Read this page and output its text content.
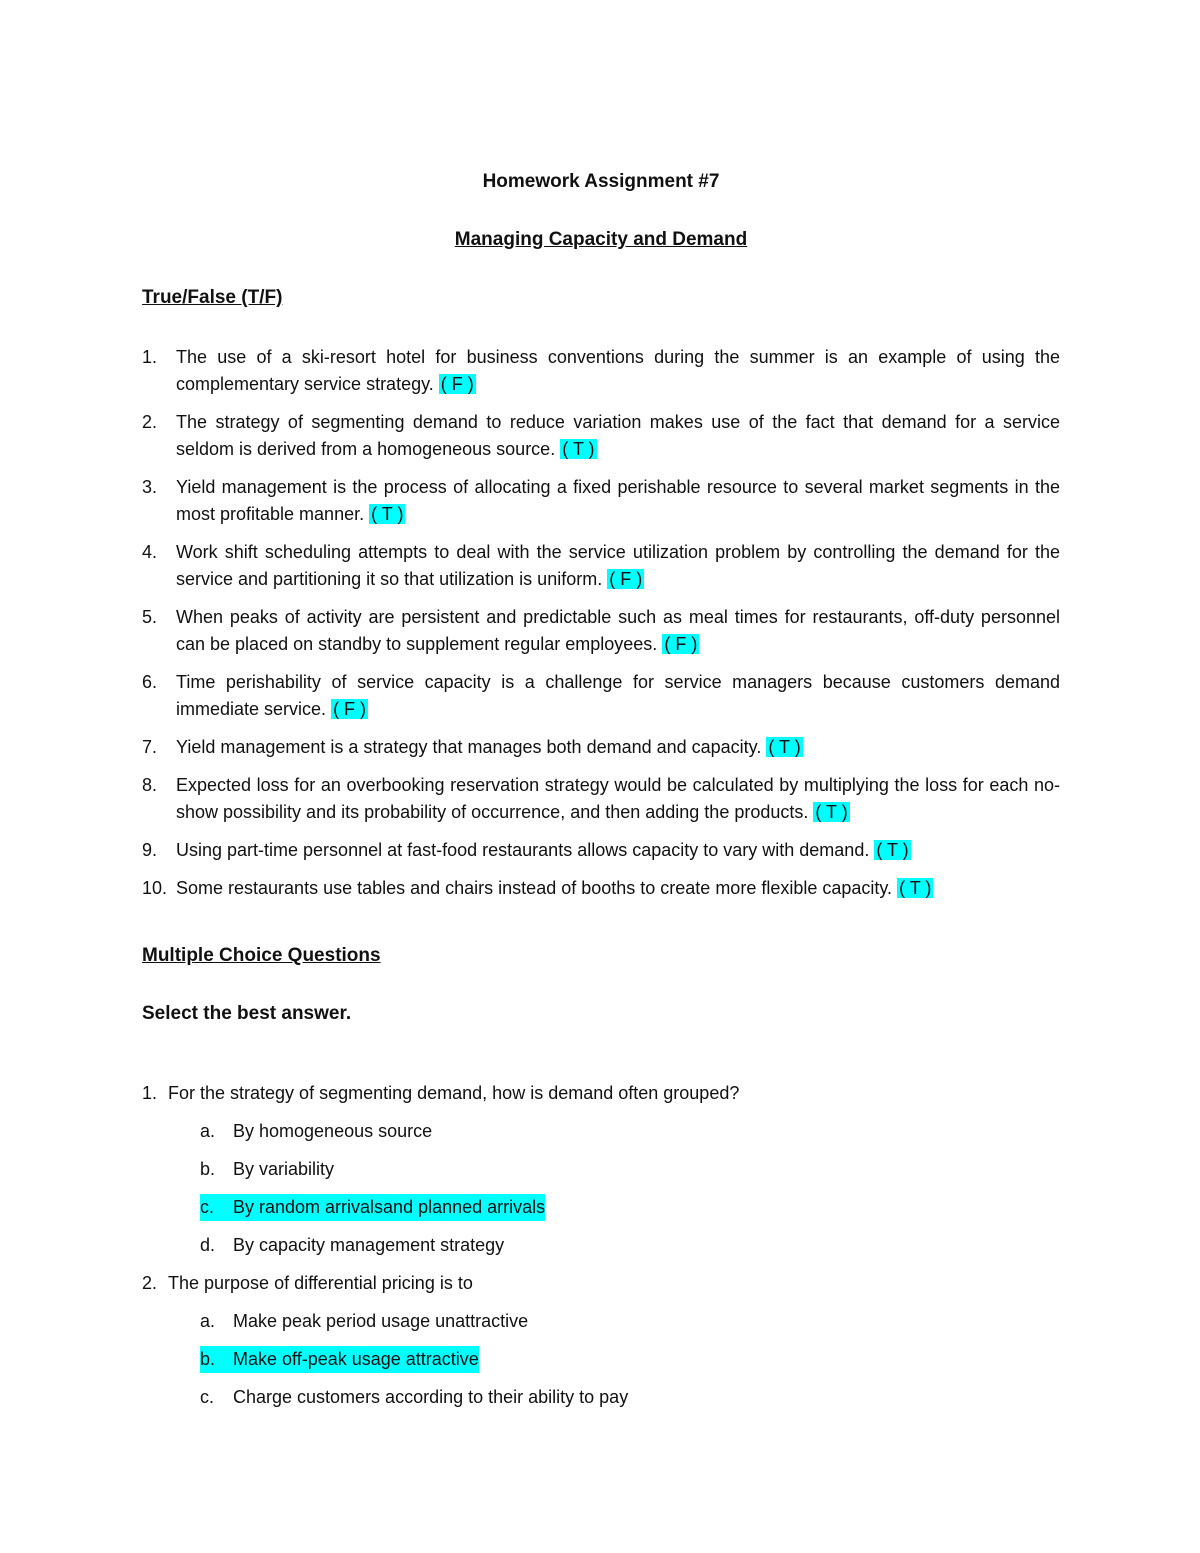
Homework Assignment #7
Managing Capacity and Demand
True/False (T/F)
1.	The use of a ski-resort hotel for business conventions during the summer is an example of using the complementary service strategy. ( F )
2.	The strategy of segmenting demand to reduce variation makes use of the fact that demand for a service seldom is derived from a homogeneous source. ( T )
3.	Yield management is the process of allocating a fixed perishable resource to several market segments in the most profitable manner. ( T )
4.	Work shift scheduling attempts to deal with the service utilization problem by controlling the demand for the service and partitioning it so that utilization is uniform. ( F )
5.	When peaks of activity are persistent and predictable such as meal times for restaurants, off-duty personnel can be placed on standby to supplement regular employees. ( F )
6.	Time perishability of service capacity is a challenge for service managers because customers demand immediate service. ( F )
7.	Yield management is a strategy that manages both demand and capacity. ( T )
8.	Expected loss for an overbooking reservation strategy would be calculated by multiplying the loss for each no-show possibility and its probability of occurrence, and then adding the products. ( T )
9.	Using part-time personnel at fast-food restaurants allows capacity to vary with demand. ( T )
10. Some restaurants use tables and chairs instead of booths to create more flexible capacity. ( T )
Multiple Choice Questions
Select the best answer.
1. For the strategy of segmenting demand, how is demand often grouped?
a. By homogeneous source
b. By variability
c.	By random arrivalsand planned arrivals
d. By capacity management strategy
2. The purpose of differential pricing is to
a. Make peak period usage unattractive
b. Make off-peak usage attractive
c.	Charge customers according to their ability to pay
